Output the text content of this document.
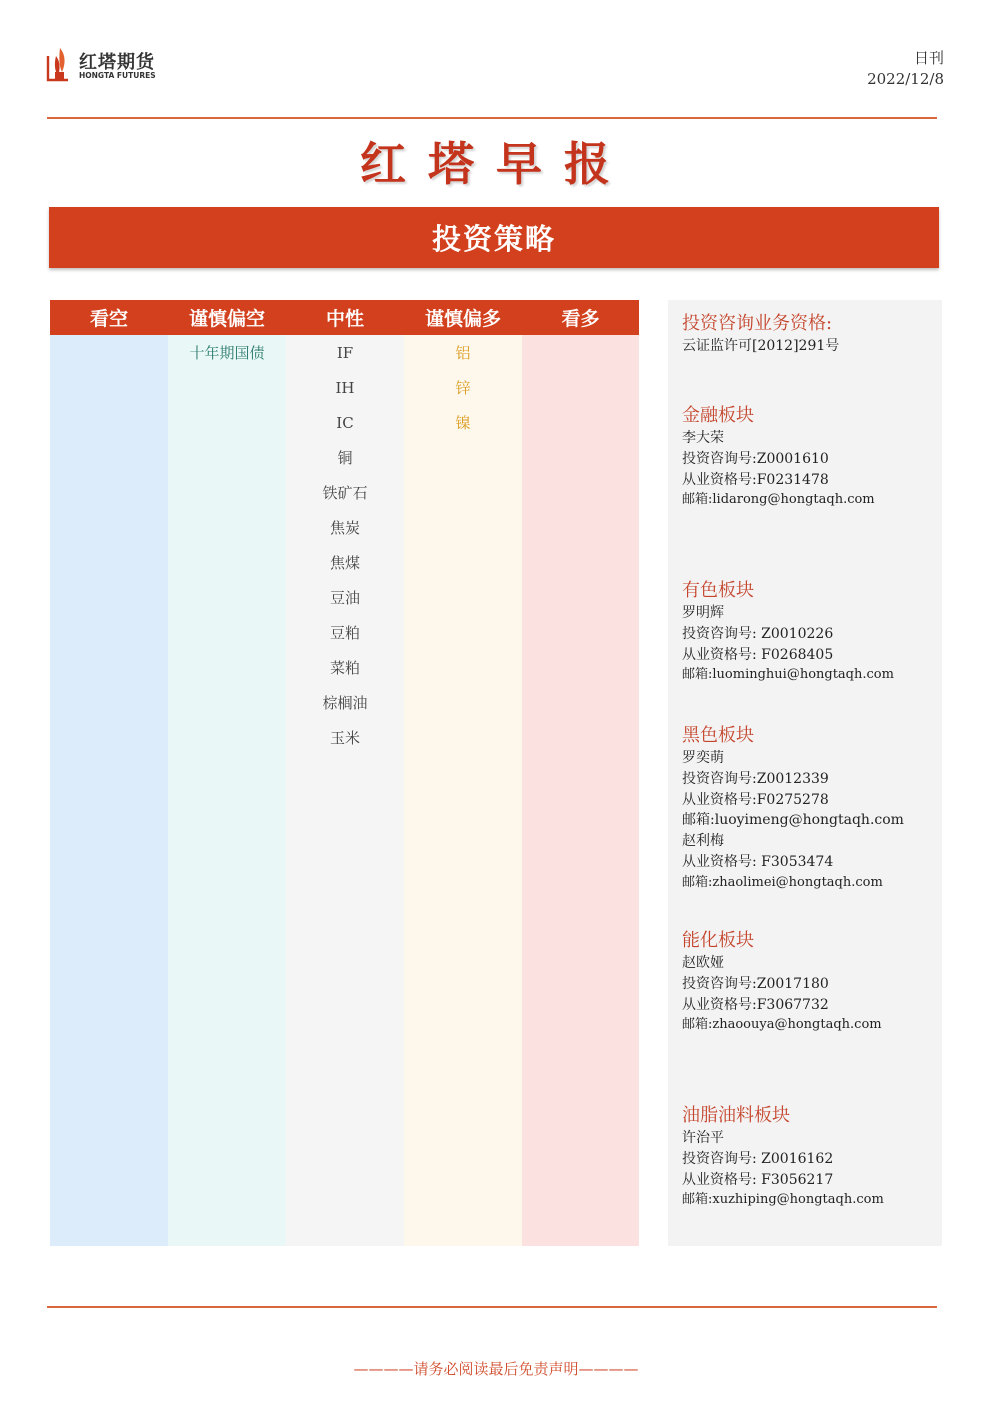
红塔期货
HONGTA FUTURES
日刊
2022/12/8
红塔早报
投资策略
看空	谨慎偏空
十年期国债
中性
IF
IH
IC
铜
铁矿石
焦炭
焦煤
豆油
豆粕
菜粕
棕榈油
玉米
谨慎偏多
铝
锌
镍
看多	投资咨询业务资格:
云证监许可[2012]291号
金融板块
李大荣
投资咨询号:Z0001610
从业资格号:F0231478
邮箱:lidarong@hongtaqh.com
有色板块
罗明辉
投资咨询号: Z0010226
从业资格号: F0268405
邮箱:luominghui@hongtaqh.com
黑色板块
罗奕萌
投资咨询号:Z0012339
从业资格号:F0275278
邮箱:luoyimeng@hongtaqh.com
赵利梅
从业资格号: F3053474
邮箱:zhaolimei@hongtaqh.com
能化板块
赵欧娅
投资咨询号:Z0017180
从业资格号:F3067732
邮箱:zhaoouya@hongtaqh.com
油脂油料板块
许治平
投资咨询号: Z0016162
从业资格号: F3056217
邮箱:xuzhiping@hongtaqh.com
————请务必阅读最后免责声明————
